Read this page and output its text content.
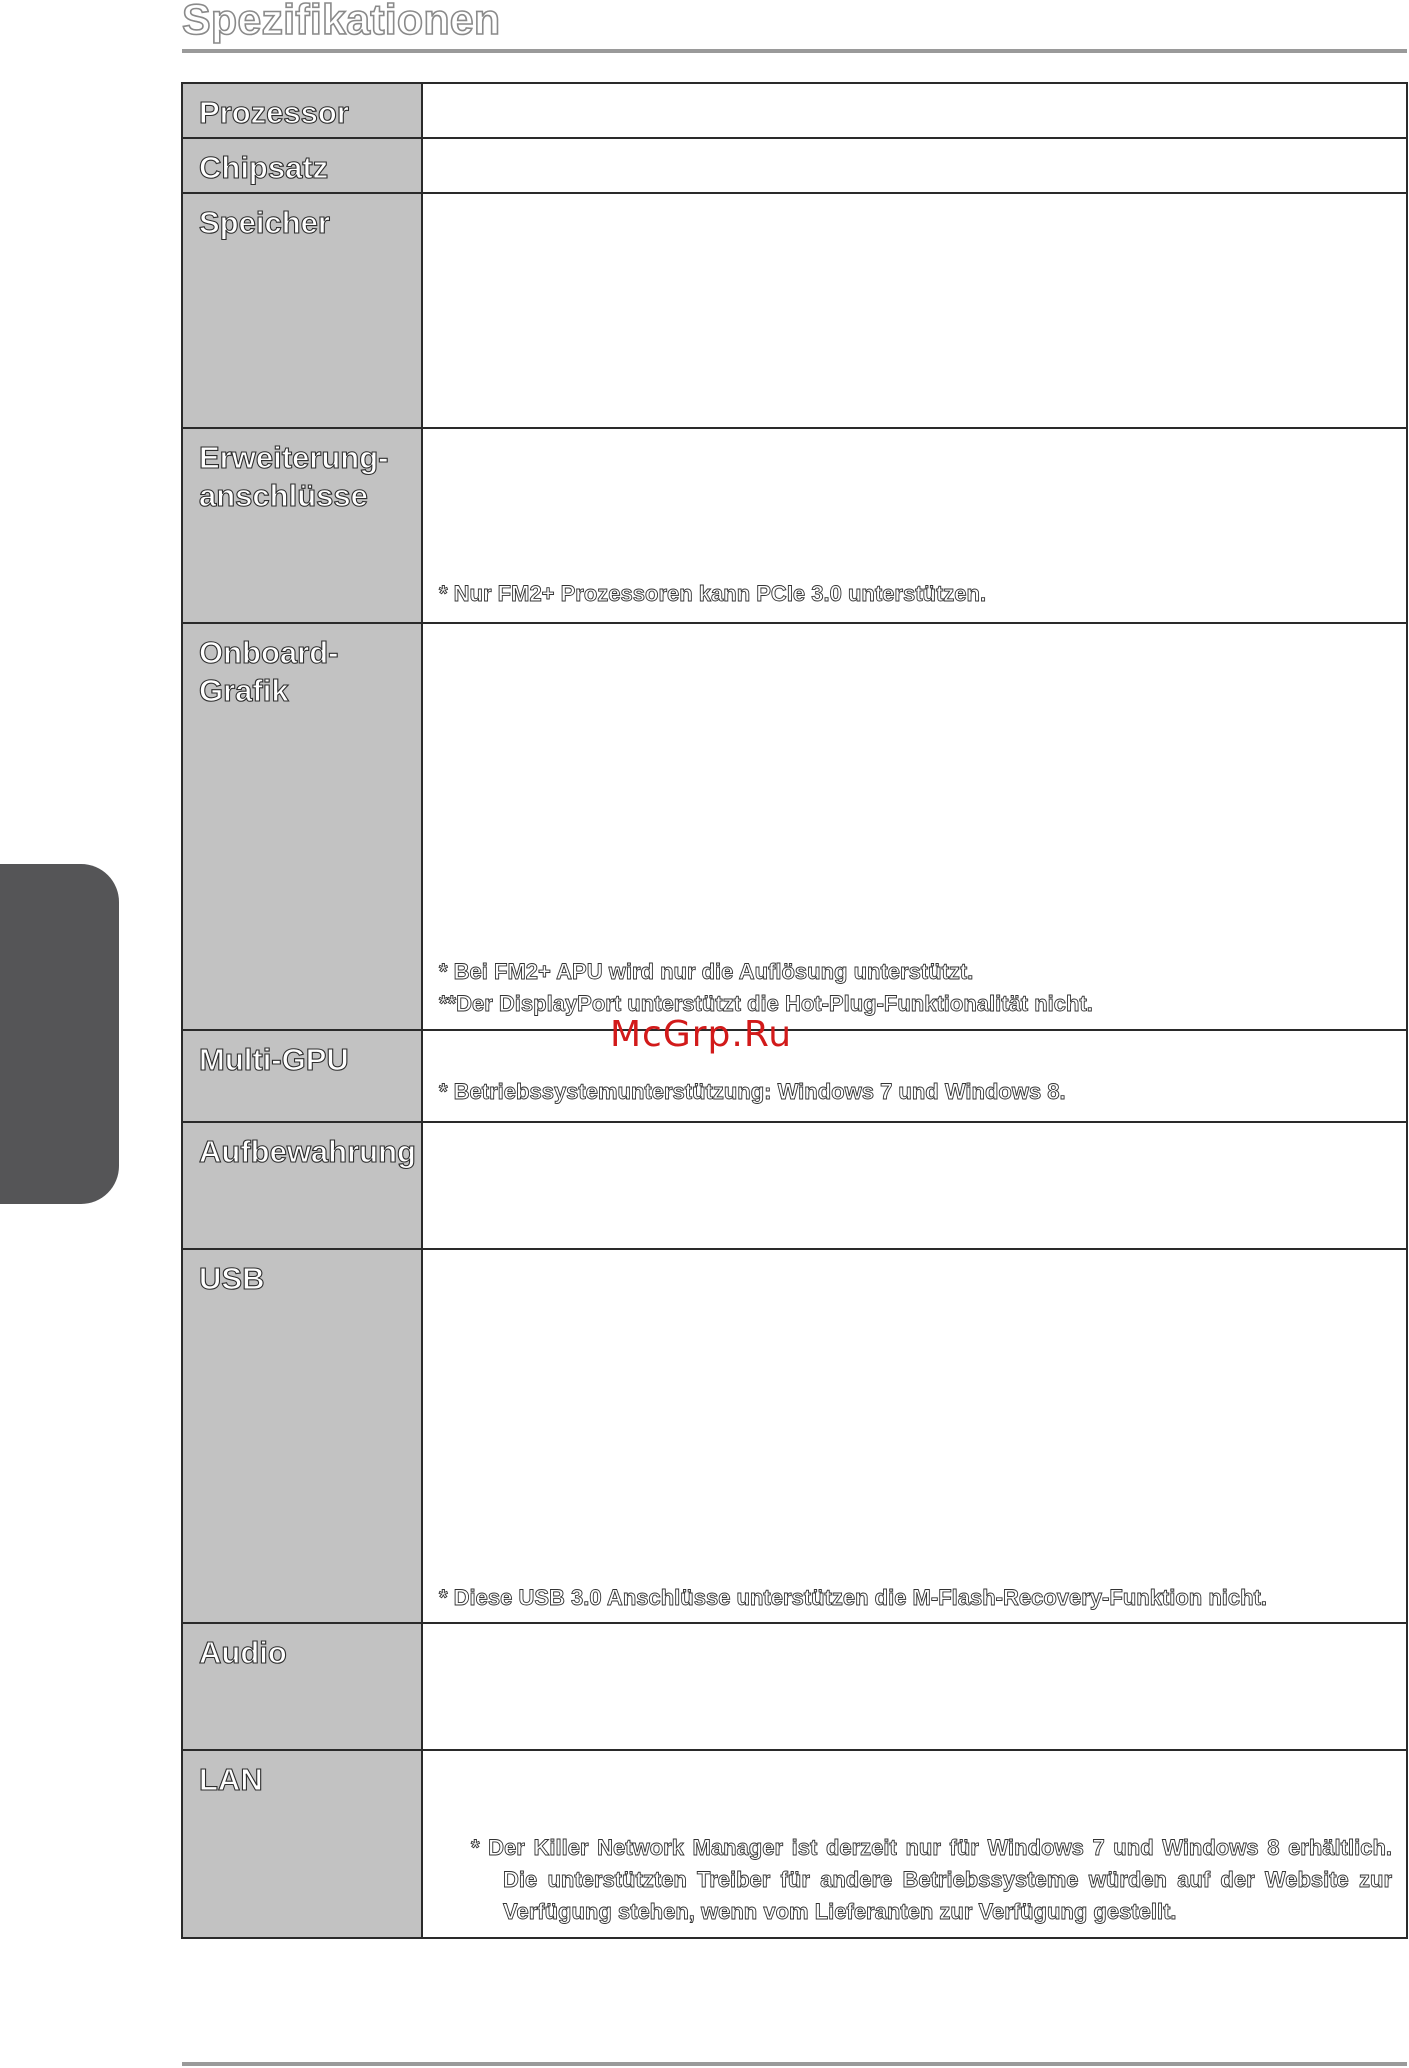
Spezifikationen
Prozessor	

Chipsatz	

Speicher	

Erweiterung-anschlüsse	* Nur FM2+ Prozessoren kann PCIe 3.0 unterstützen.

Onboard-Grafik	* Bei FM2+ APU wird nur die Auflösung unterstützt.
**Der DisplayPort unterstützt die Hot-Plug-Funktionalität nicht.

Multi-GPU	* Betriebssystemunterstützung: Windows 7 und Windows 8.

Aufbewahrung	

USB	* Diese USB 3.0 Anschlüsse unterstützen die M-Flash-Recovery-Funktion nicht.

Audio	

LAN	* Der Killer Network Manager ist derzeit nur für Windows 7 und Windows 8 erhältlich. Die unterstützten Treiber für andere Betriebssysteme würden auf der Website zur Verfügung stehen, wenn vom Lieferanten zur Verfügung gestellt.
McGrp.Ru
